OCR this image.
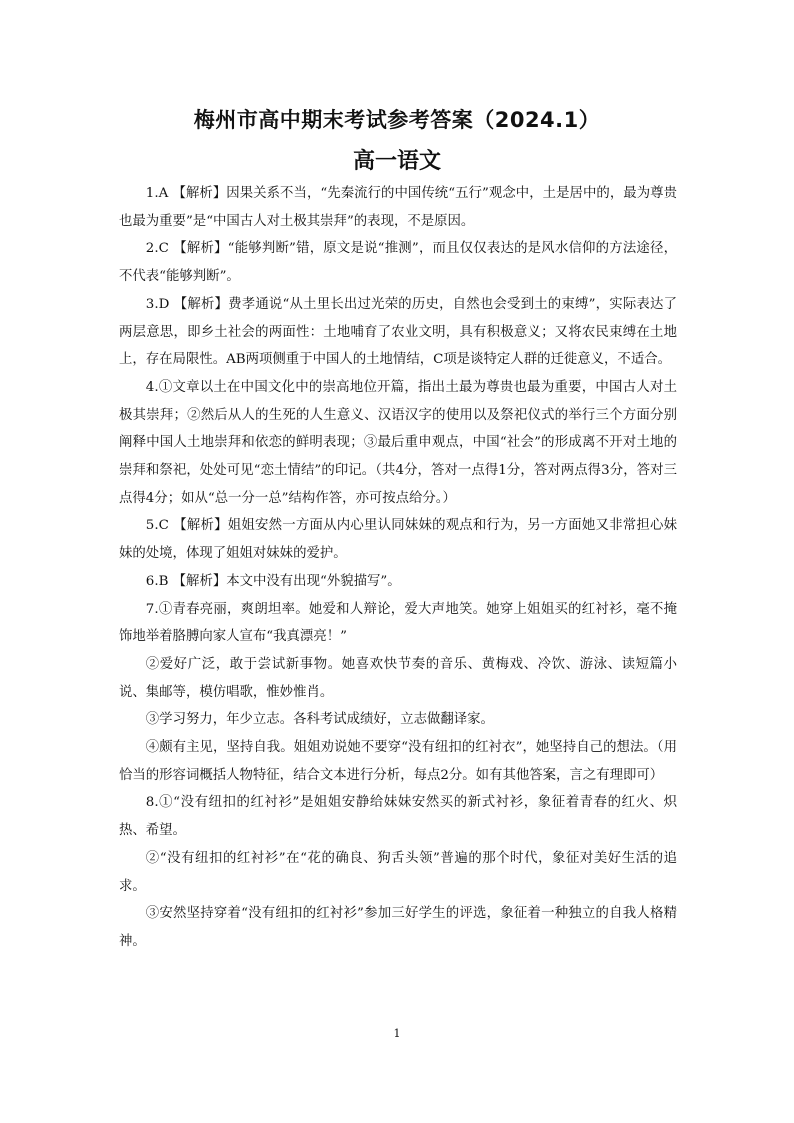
梅州市高中期末考试参考答案（2024.1）
高一语文

1.A 【解析】因果关系不当，“先秦流行的中国传统“五行”观念中，土是居中的，最为尊贵也最为重要”是“中国古人对土极其崇拜”的表现，不是原因。

2.C 【解析】“能够判断”错，原文是说“推测”，而且仅仅表达的是风水信仰的方法途径，不代表“能够判断”。

3.D 【解析】费孝通说“从土里长出过光荣的历史，自然也会受到土的束缚”，实际表达了两层意思，即乡土社会的两面性：土地哺育了农业文明，具有积极意义；又将农民束缚在土地上，存在局限性。AB两项侧重于中国人的土地情结，C项是谈特定人群的迁徙意义，不适合。

4.①文章以土在中国文化中的崇高地位开篇，指出土最为尊贵也最为重要，中国古人对土极其崇拜；②然后从人的生死的人生意义、汉语汉字的使用以及祭祀仪式的举行三个方面分别阐释中国人土地崇拜和依恋的鲜明表现；③最后重申观点，中国“社会”的形成离不开对土地的崇拜和祭祀，处处可见“恋土情结”的印记。（共4分，答对一点得1分，答对两点得3分，答对三点得4分；如从“总一分一总”结构作答，亦可按点给分。）

5.C 【解析】姐姐安然一方面从内心里认同妹妹的观点和行为，另一方面她又非常担心妹妹的处境，体现了姐姐对妹妹的爱护。

6.B 【解析】本文中没有出现“外貌描写”。

7.①青春亮丽，爽朗坦率。她爱和人辩论，爱大声地笑。她穿上姐姐买的红衬衫，毫不掩饰地举着胳膊向家人宣布“我真漂亮！”

②爱好广泛，敢于尝试新事物。她喜欢快节奏的音乐、黄梅戏、冷饮、游泳、读短篇小说、集邮等，模仿唱歌，惟妙惟肖。

③学习努力，年少立志。各科考试成绩好，立志做翻译家。

④颇有主见，坚持自我。姐姐劝说她不要穿“没有纽扣的红衬衣”，她坚持自己的想法。（用恰当的形容词概括人物特征，结合文本进行分析，每点2分。如有其他答案，言之有理即可）

8.①“没有纽扣的红衬衫”是姐姐安静给妹妹安然买的新式衬衫，象征着青春的红火、炽热、希望。

②“没有纽扣的红衬衫”在“花的确良、狗舌头领”普遍的那个时代，象征对美好生活的追求。

③安然坚持穿着“没有纽扣的红衬衫”参加三好学生的评选，象征着一种独立的自我人格精神。

1
